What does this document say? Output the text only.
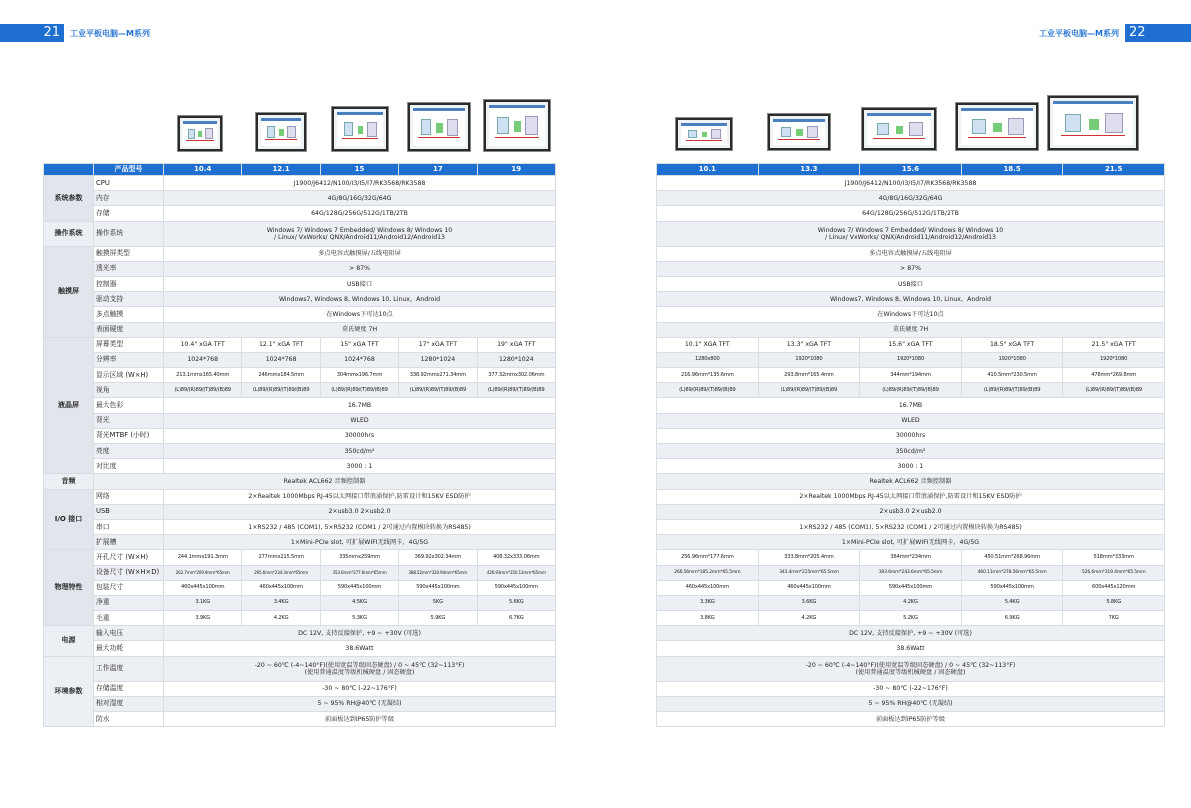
21	工业平板电脑—M系列	工业平板电脑—M系列 22
	产品型号	10.4	12.1	15	17	19
系统参数	CPU	J1900/J6412/N100/I3/I5/I7/RK3568/RK3588				
	内存	4G/8G/16G/32G/64G				
	存储	64G/128G/256G/512G/1TB/2TB				
操作系统	操作系统	Windows 7/ Windows 7 Embedded/ Windows 8/ Windows 10
/ Linux/ VxWorks/ QNX/Android11/Android12/Android13				

触摸屏	触摸屏类型	多点电容式触摸屏/五线电阻屏				
	透光率	> 87%				
	控制器	USB接口				
	驱动支持	Windows7, Windows 8, Windows 10, Linux，Android				
	多点触摸	在Windows下可达10点				
	表面硬度	莫氏硬度 7H				
液晶屏	屏幕类型	10.4" xGA TFT	12.1" xGA TFT	15" xGA TFT	17" xGA TFT	19" xGA TFT
	分辨率	1024*768	1024*768	1024*768	1280*1024	1280*1024
	显示区域 (W×H)	213.1mmx165.40mm	246mmx184.5mm	304mmx196.7mm	338.92mmx271.34mm	377.32mmx302.06mm
	视角	(L)89/(R)89/(T)89/(B)89	(L)89/(R)89/(T)89/(B)89	(L)89/(R)89/(T)89/(B)89	(L)89/(R)89/(T)89/(B)89	(L)89/(R)89/(T)89/(B)89
	最大色彩	16.7MB				
	背光	WLED				
	背光MTBF (小时)	30000hrs				
	亮度	350cd/m²				
	对比度	3000 : 1				
音频	Realtek ACL662 音频控制器					
I/O 接口	网络	2×Realtek 1000Mbps RJ-45以太网接口带浪涌保护,防雷设计和15KV ESD防护				
	USB	2×usb3.0 2×usb2.0				
	串口	1×RS232 / 485 (COM1), 5×RS232 (COM1 / 2可通过内置模块转换为RS485)				
	扩展槽	1×Mini-PCIe slot, 可扩展WIFI无线网卡，4G/5G				
物理特性	开孔尺寸 (W×H)	244.1mmx191.3mm	277mmx215.5mm	335mmx259mm	369.92x302.34mm	408.32x333.06mm
	设备尺寸 (W×H×D)	262.7mm*209.9mm*65mm	295.6mm*234.3mm*65mm	353.6mm*277.6mm*65mm	388.52mm*320.94mm*65mm	426.93mm*350.13mm*65mm
	包装尺寸	460x445x100mm	460x445x100mm	590x445x100mm	590x445x100mm	590x445x100mm
	净重	3.1KG	3.4KG	4.5KG	5KG	5.6KG
	毛重	3.9KG	4.2KG	5.3KG	5.9KG	6.7KG
电源	输入电压	DC 12V, 支持反接保护, +9 ~ +30V (可选)				
	最大功耗	38.6Watt				
环境参数	工作温度	-20 ~ 60℃ (-4~140°F)(使用宽温等级固态硬盘) / 0 ~ 45℃ (32~113°F)
(使用普通温度等级机械硬盘 / 固态硬盘)				

	存储温度	-30 ~ 80℃ (-22~176°F)				
	相对湿度	5 ~ 95% RH@40℃ (无凝结)				
	防水	前面板达到IP65防护等级				
10.1	13.3	15.6	18.5	21.5
J1900/J6412/N100/I3/I5/I7/RK3568/RK3588				
4G/8G/16G/32G/64G				
64G/128G/256G/512G/1TB/2TB				

Windows 7/ Windows 7 Embedded/ Windows 8/ Windows 10
/ Linux/ VxWorks/ QNX/Android11/Android12/Android13				

多点电容式触摸屏/五线电阻屏				
> 87%				
USB接口				
Windows7, Windows 8, Windows 10, Linux，Android				
在Windows下可达10点				
莫氏硬度 7H				
10.1" XGA TFT	13.3" xGA TFT	15.6" xGA TFT	18.5" xGA TFT	21.5" xGA TFT
1280x800	1920*1080	1920*1080	1920*1080	1920*1080
216.96mm*135.6mm	293.8mm*165.4mm	344mm*194mm	410.5mm*230.5mm	478mm*269.8mm
(L)89/(R)89/(T)89/(B)89	(L)89/(R)89/(T)89/(B)89	(L)89/(R)89/(T)89/(B)89	(L)89/(R)89/(T)89/(B)89	(L)89/(R)89/(T)89/(B)89
16.7MB				
WLED				
30000hrs				
350cd/m²				
3000 : 1				
Realtek ACL662 音频控制器				
2×Realtek 1000Mbps RJ-45以太网接口带浪涌保护,防雷设计和15KV ESD防护				
2×usb3.0 2×usb2.0				
1×RS232 / 485 (COM1), 5×RS232 (COM1 / 2可通过内置模块转换为RS485)				
1×Mini-PCIe slot, 可扩展WIFI无线网卡，4G/5G				
256.96mm*177.6mm	333.8mm*205.4mm	384mm*234mm	450.51mm*268.96mm	518mm*333mm
266.56mm*185.2mm*65.5mm	343.4mm*215mm*65.5mm	393.6mm*243.6mm*65.5mm	460.11mm*278.56mm*65.5mm	526.6mm*319.4mm*65.5mm
460x445x100mm	460x445x100mm	590x445x100mm	590x445x100mm	600x445x120mm
3.3KG	3.6KG	4.2KG	5.4KG	5.8KG
3.8KG	4.2KG	5.2KG	6.9KG	7KG
DC 12V, 支持反接保护, +9 ~ +30V (可选)				
38.6Watt				

-20 ~ 60℃ (-4~140°F)(使用宽温等级固态硬盘) / 0 ~ 45℃ (32~113°F)
(使用普通温度等级机械硬盘 / 固态硬盘)				

-30 ~ 80℃ (-22~176°F)				
5 ~ 95% RH@40℃ (无凝结)				
前面板达到IP65防护等级				
